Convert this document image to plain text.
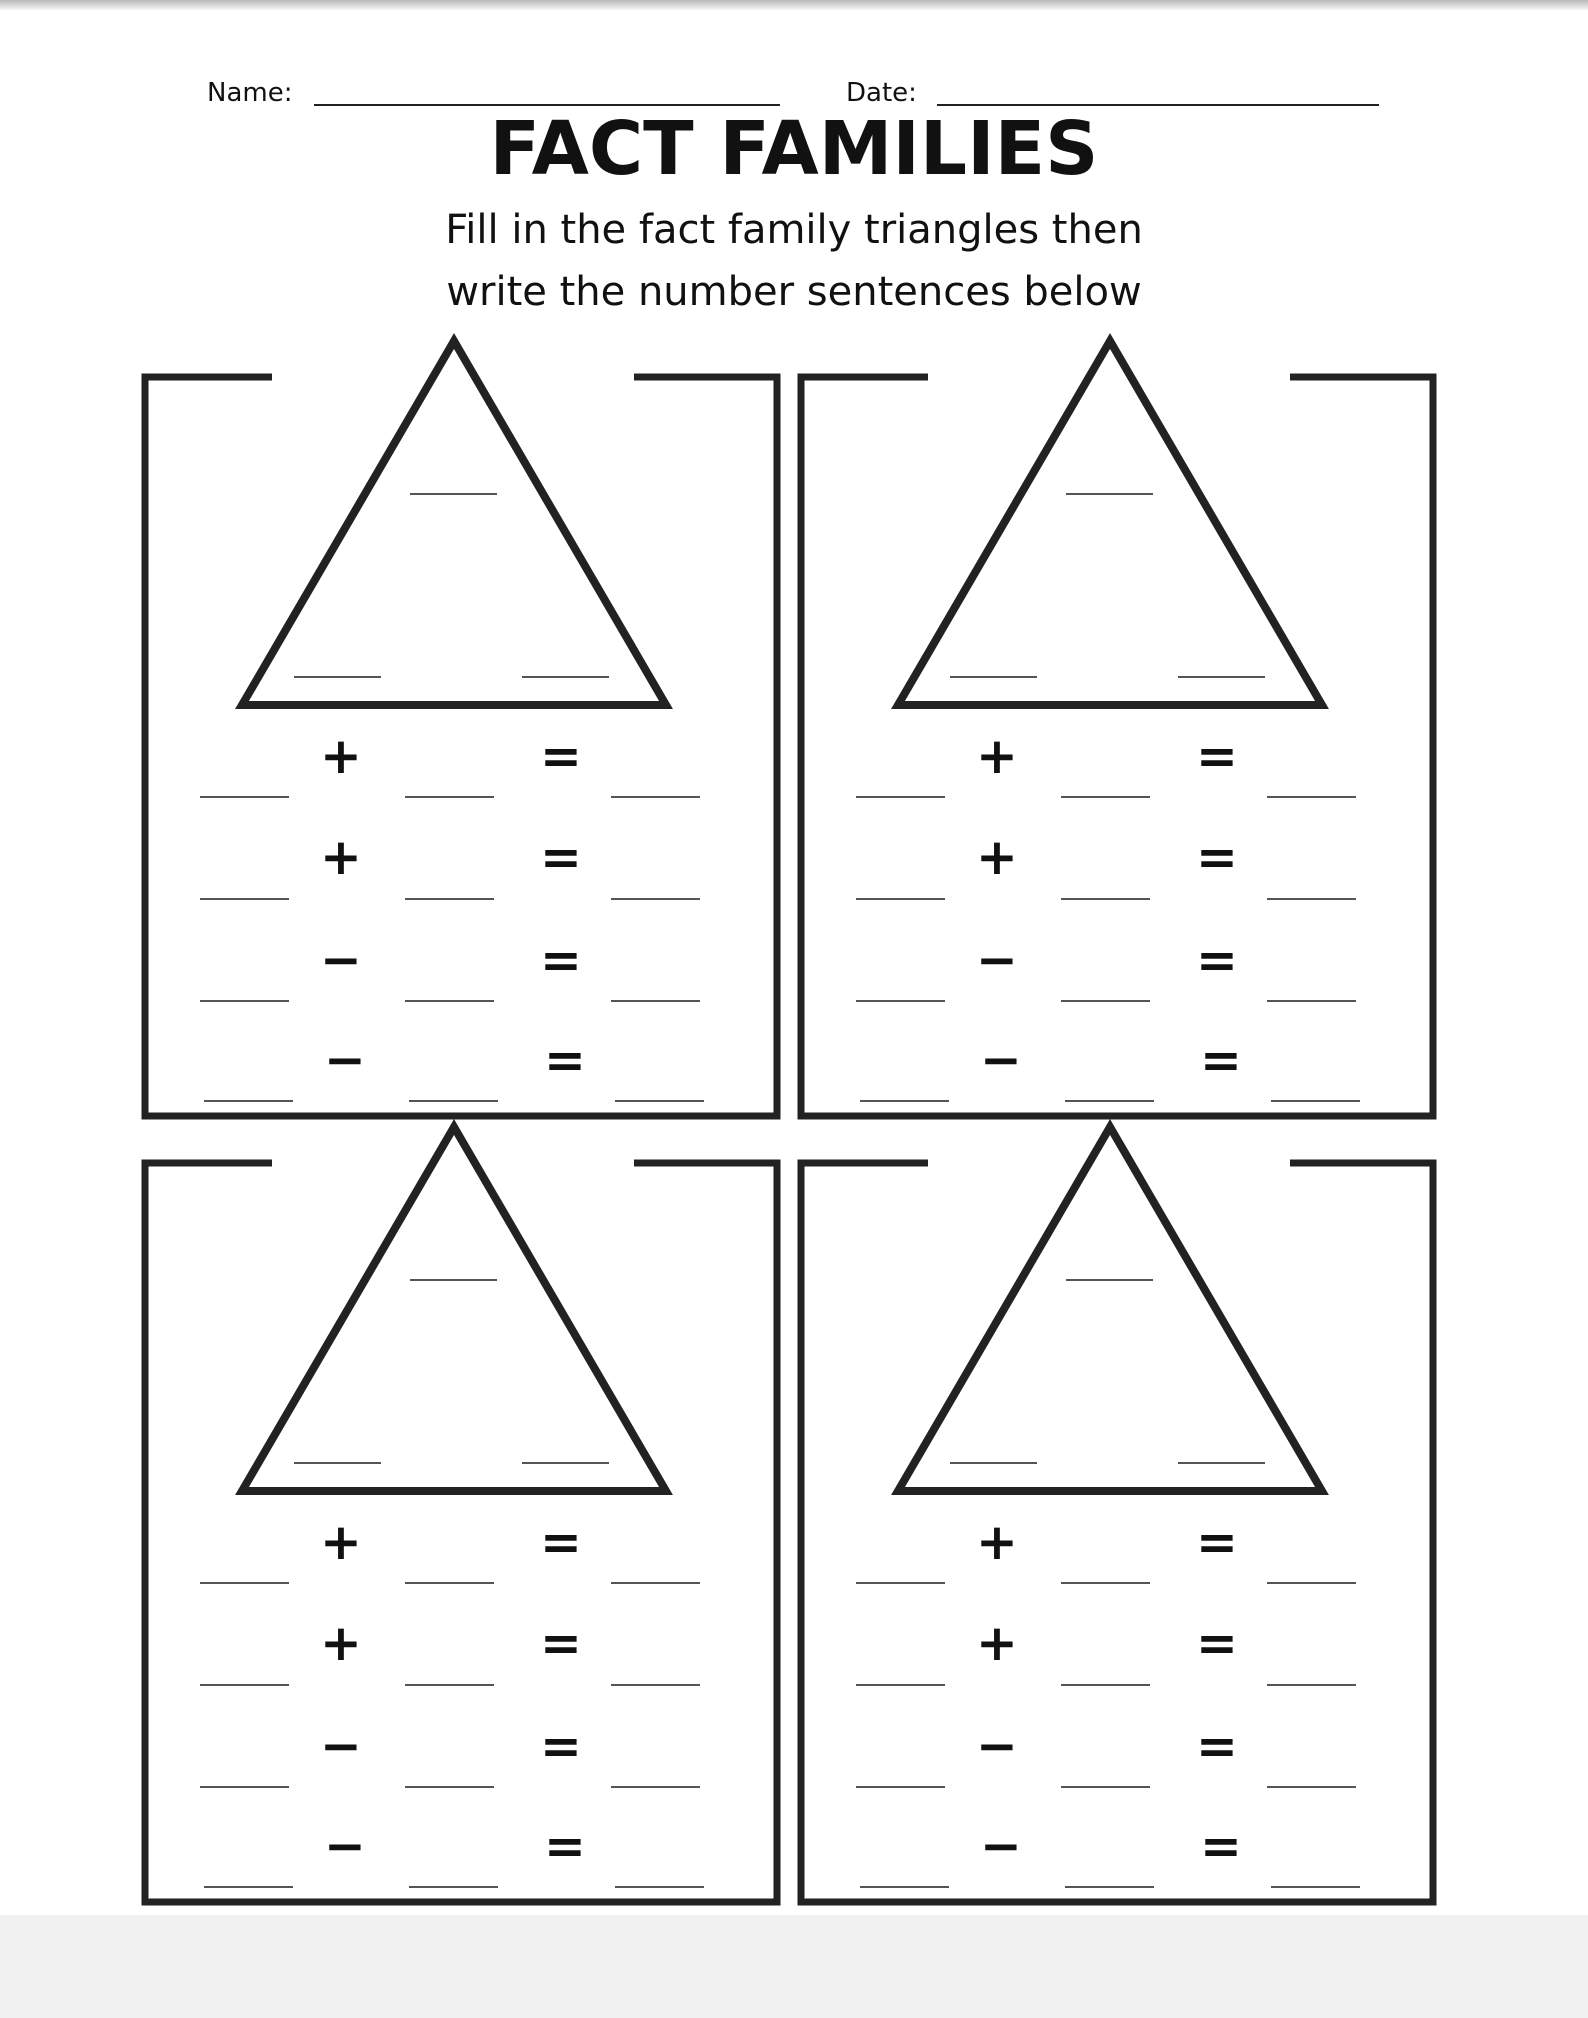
Name:	Date:
FACT FAMILIES
Fill in the fact family triangles then
write the number sentences below
+	=
+	=
−	=
−	=
+	=
+	=
−	=
−	=
+	=
+	=
−	=
−	=
+	=
+	=
−	=
−	=
